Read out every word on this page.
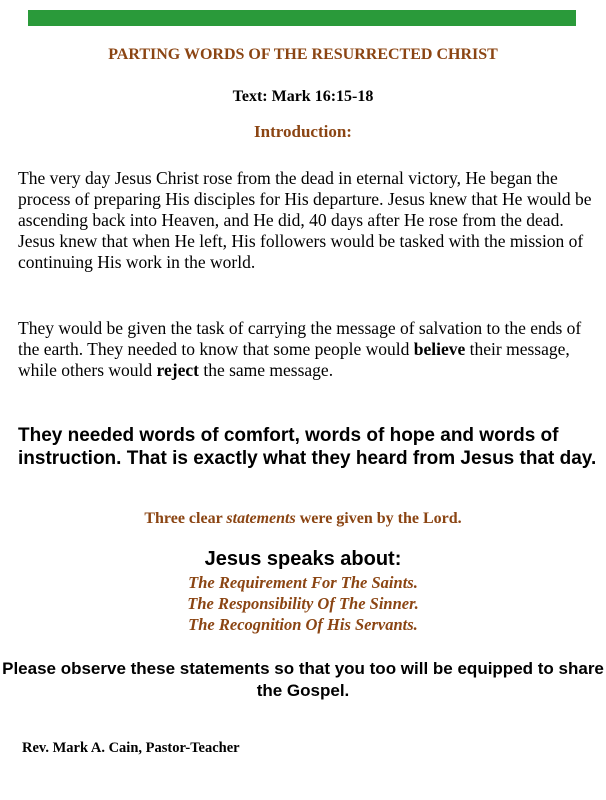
PARTING WORDS OF THE RESURRECTED CHRIST
Text: Mark 16:15-18
Introduction:

The very day Jesus Christ rose from the dead in eternal victory, He began the process of preparing His disciples for His departure. Jesus knew that He would be ascending back into Heaven, and He did, 40 days after He rose from the dead. Jesus knew that when He left, His followers would be tasked with the mission of continuing His work in the world.

They would be given the task of carrying the message of salvation to the ends of the earth. They needed to know that some people would believe their message, while others would reject the same message.

They needed words of comfort, words of hope and words of instruction. That is exactly what they heard from Jesus that day.

Three clear statements were given by the Lord.
Jesus speaks about:
The Requirement For The Saints.
The Responsibility Of The Sinner.
The Recognition Of His Servants.
Please observe these statements so that you too will be equipped to share the Gospel.
Rev. Mark A. Cain, Pastor-Teacher
